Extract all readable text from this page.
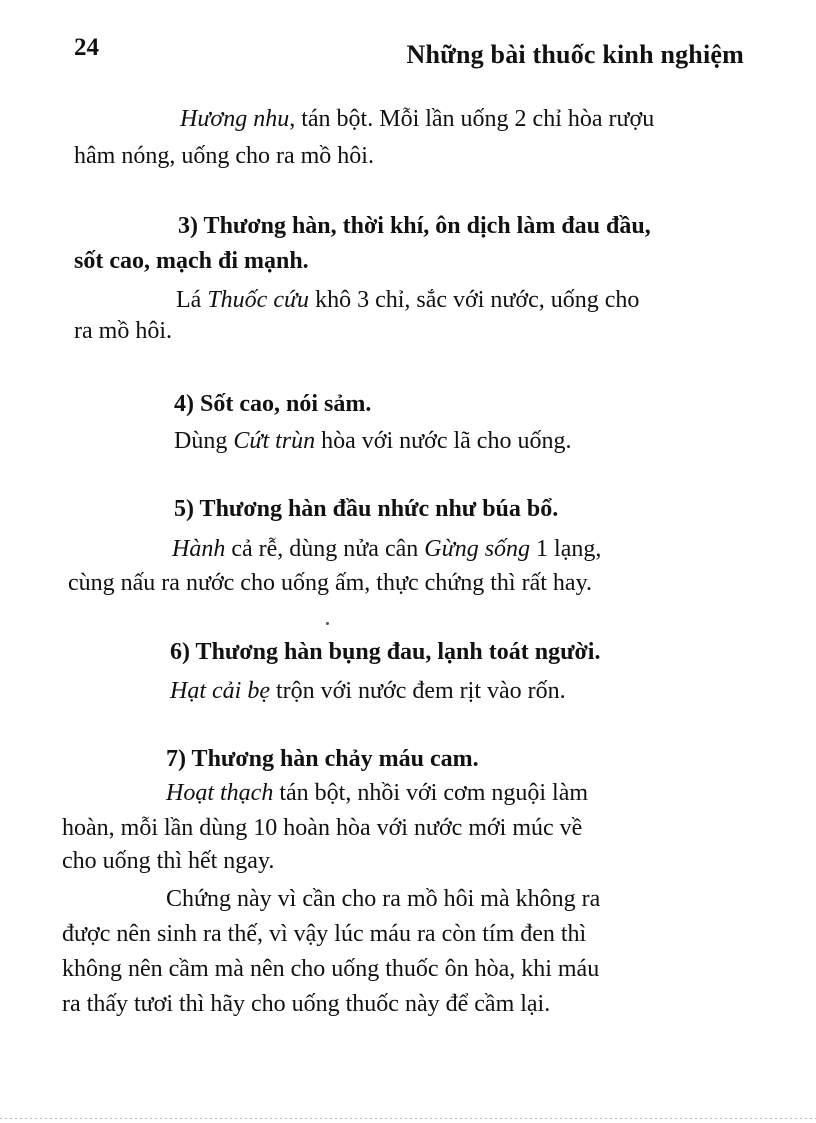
24	Những bài thuốc kinh nghiệm
Hương nhu, tán bột. Mỗi lần uống 2 chỉ hòa rượu
hâm nóng, uống cho ra mồ hôi.
3) Thương hàn, thời khí, ôn dịch làm đau đầu,
sốt cao, mạch đi mạnh.
Lá Thuốc cứu khô 3 chỉ, sắc với nước, uống cho
ra mồ hôi.
4) Sốt cao, nói sảm.
Dùng Cứt trùn hòa với nước lã cho uống.
5) Thương hàn đầu nhức như búa bổ.
Hành cả rễ, dùng nửa cân Gừng sống 1 lạng,
cùng nấu ra nước cho uống ấm, thực chứng thì rất hay.
6) Thương hàn bụng đau, lạnh toát người.
Hạt cải bẹ trộn với nước đem rịt vào rốn.
7) Thương hàn chảy máu cam.
Hoạt thạch tán bột, nhồi với cơm nguội làm
hoàn, mỗi lần dùng 10 hoàn hòa với nước mới múc về
cho uống thì hết ngay.
Chứng này vì cần cho ra mồ hôi mà không ra
được nên sinh ra thế, vì vậy lúc máu ra còn tím đen thì
không nên cầm mà nên cho uống thuốc ôn hòa, khi máu
ra thấy tươi thì hãy cho uống thuốc này để cầm lại.
